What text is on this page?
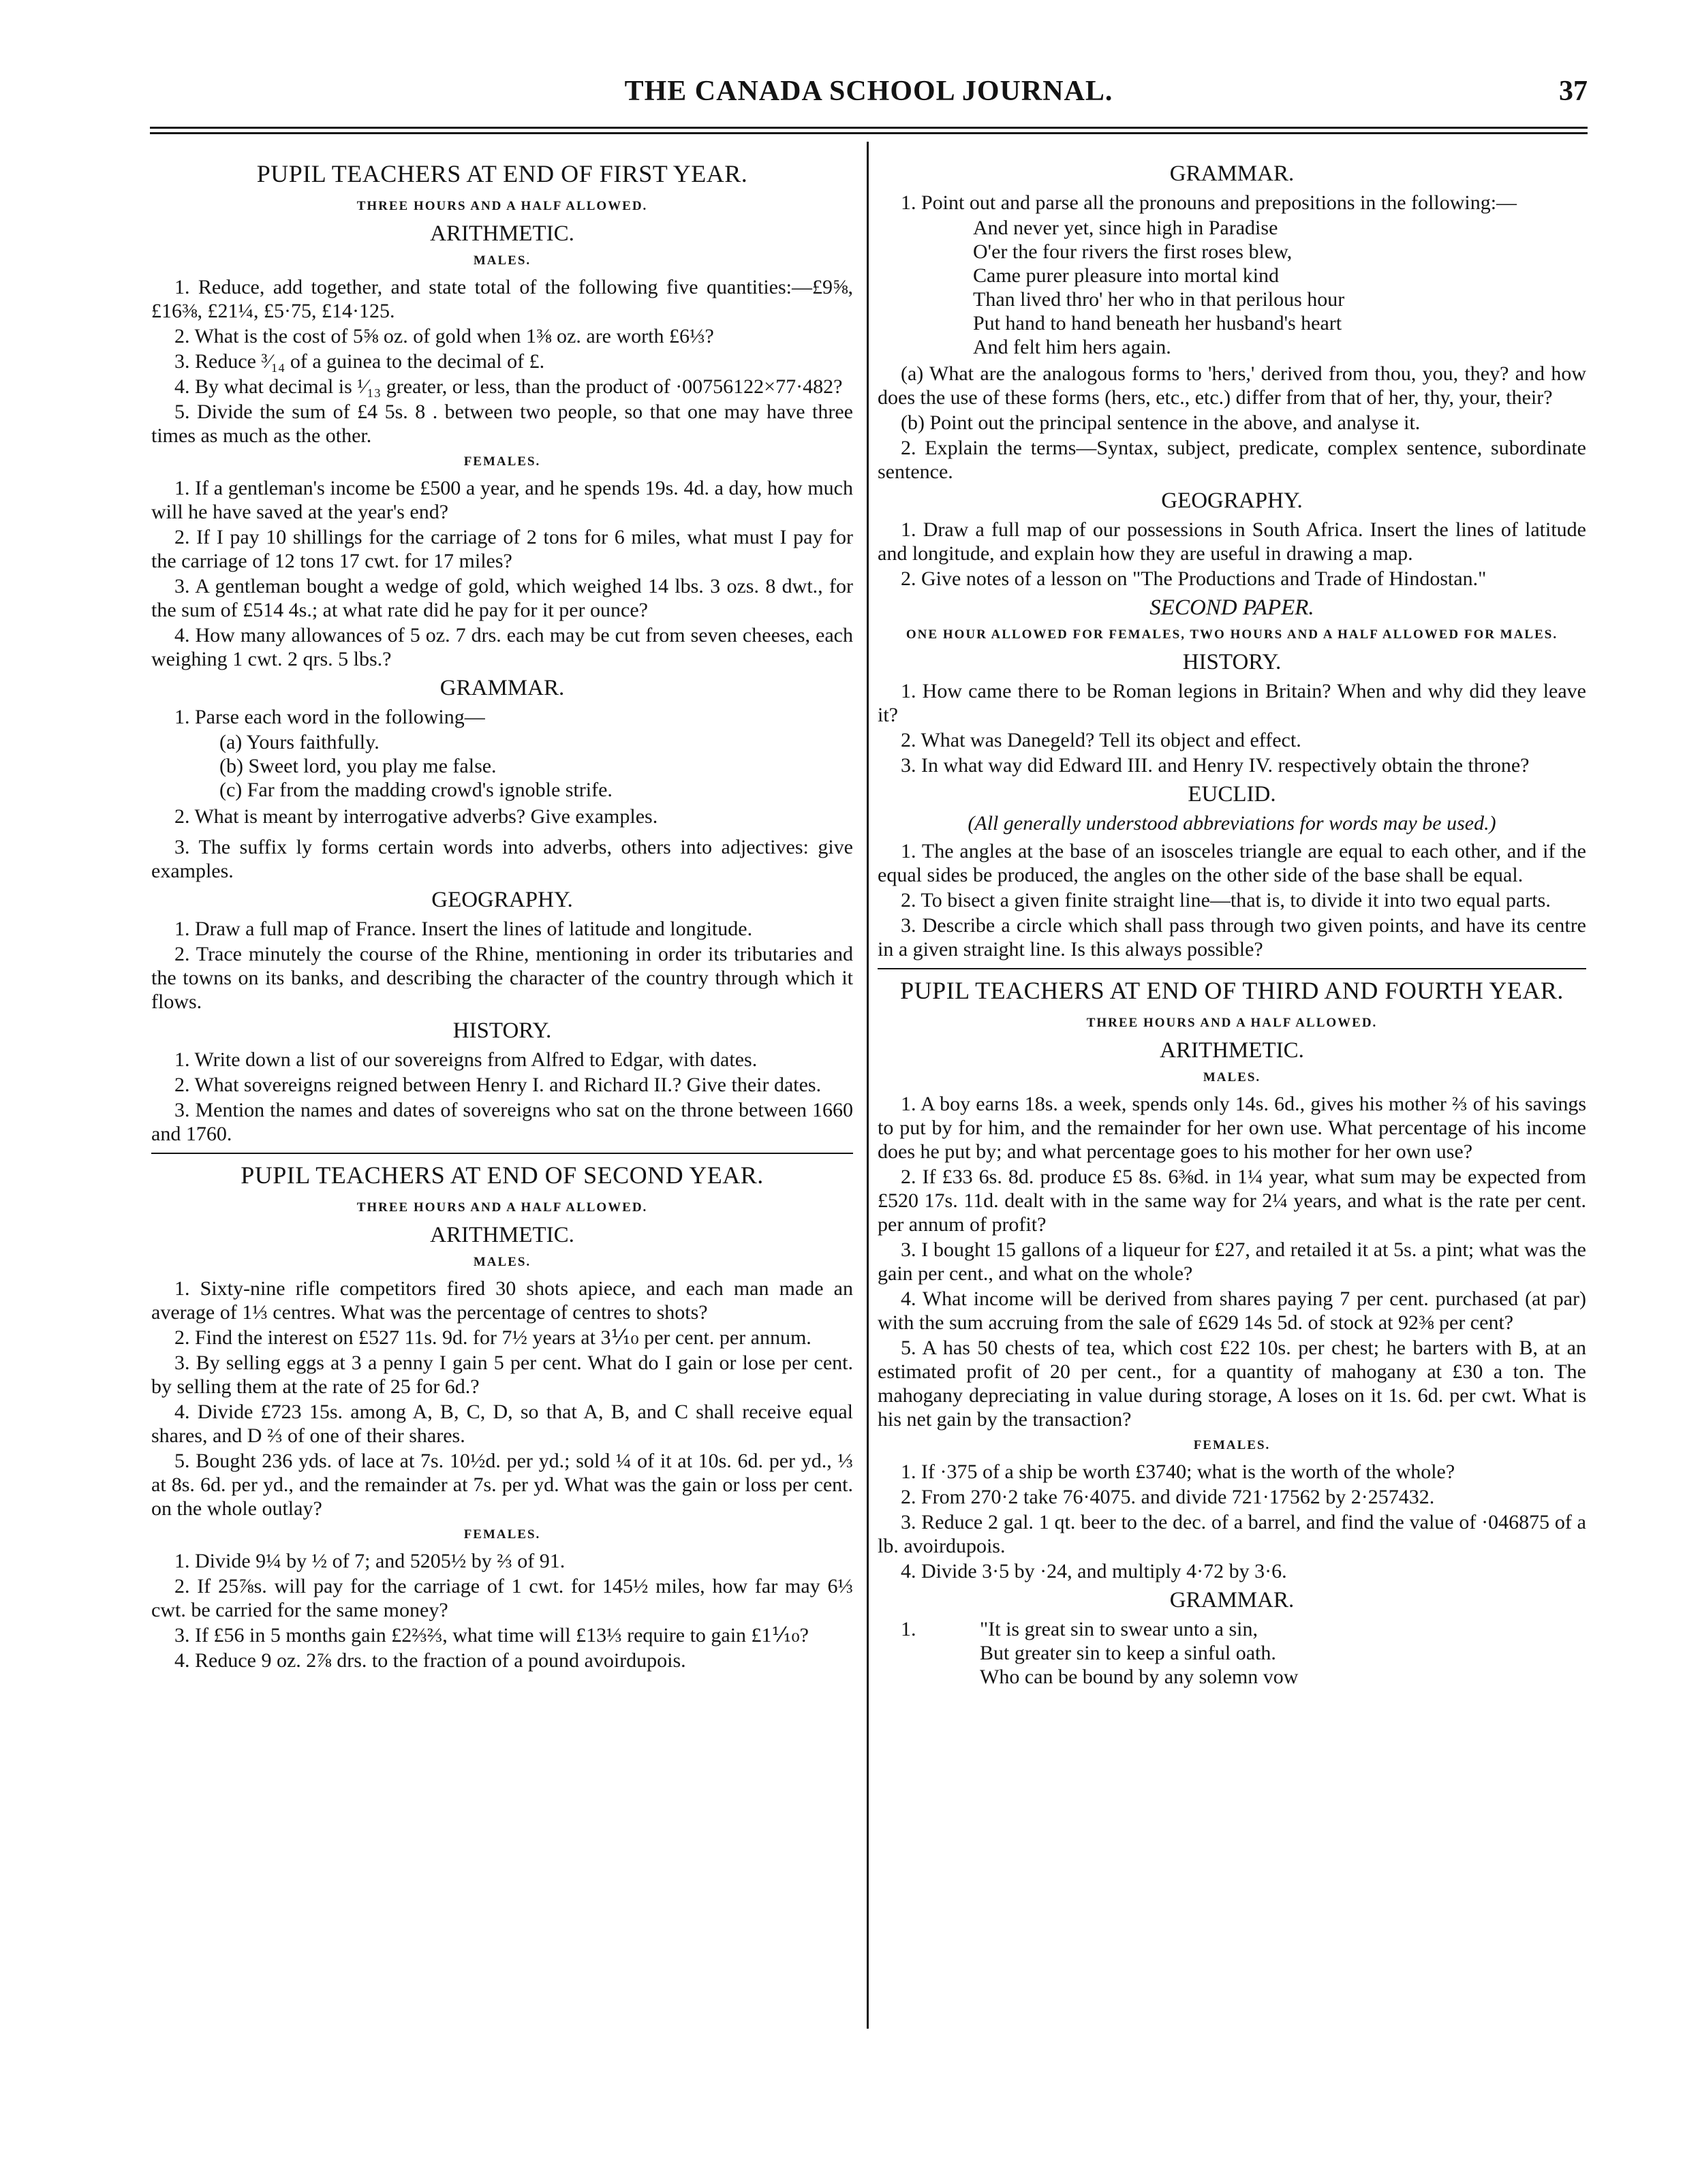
THE CANADA SCHOOL JOURNAL.	37
PUPIL TEACHERS AT END OF FIRST YEAR.
THREE HOURS AND A HALF ALLOWED.
ARITHMETIC.
MALES.

1. Reduce, add together, and state total of the following five quantities:—£9⅝, £16⅜, £21¼, £5·75, £14·125.

2. What is the cost of 5⅝ oz. of gold when 1⅜ oz. are worth £6⅓?

3. Reduce ³⁄₁₄ of a guinea to the decimal of £.

4. By what decimal is ¹⁄₁₃ greater, or less, than the product of ·00756122×77·482?

5. Divide the sum of £4 5s. 8 . between two people, so that one may have three times as much as the other.

FEMALES.

1. If a gentleman's income be £500 a year, and he spends 19s. 4d. a day, how much will he have saved at the year's end?

2. If I pay 10 shillings for the carriage of 2 tons for 6 miles, what must I pay for the carriage of 12 tons 17 cwt. for 17 miles?

3. A gentleman bought a wedge of gold, which weighed 14 lbs. 3 ozs. 8 dwt., for the sum of £514 4s.; at what rate did he pay for it per ounce?

4. How many allowances of 5 oz. 7 drs. each may be cut from seven cheeses, each weighing 1 cwt. 2 qrs. 5 lbs.?

GRAMMAR.

1. Parse each word in the following—

(a) Yours faithfully.
(b) Sweet lord, you play me false.
(c) Far from the madding crowd's ignoble strife.

2. What is meant by interrogative adverbs? Give examples.

3. The suffix ly forms certain words into adverbs, others into adjectives: give examples.

GEOGRAPHY.

1. Draw a full map of France. Insert the lines of latitude and longitude.

2. Trace minutely the course of the Rhine, mentioning in order its tributaries and the towns on its banks, and describing the character of the country through which it flows.

HISTORY.

1. Write down a list of our sovereigns from Alfred to Edgar, with dates.

2. What sovereigns reigned between Henry I. and Richard II.? Give their dates.

3. Mention the names and dates of sovereigns who sat on the throne between 1660 and 1760.

PUPIL TEACHERS AT END OF SECOND YEAR.
THREE HOURS AND A HALF ALLOWED.
ARITHMETIC.
MALES.

1. Sixty-nine rifle competitors fired 30 shots apiece, and each man made an average of 1⅓ centres. What was the percentage of centres to shots?

2. Find the interest on £527 11s. 9d. for 7½ years at 3⅒ per cent. per annum.

3. By selling eggs at 3 a penny I gain 5 per cent. What do I gain or lose per cent. by selling them at the rate of 25 for 6d.?

4. Divide £723 15s. among A, B, C, D, so that A, B, and C shall receive equal shares, and D ⅔ of one of their shares.

5. Bought 236 yds. of lace at 7s. 10½d. per yd.; sold ¼ of it at 10s. 6d. per yd., ⅓ at 8s. 6d. per yd., and the remainder at 7s. per yd. What was the gain or loss per cent. on the whole outlay?

FEMALES.

1. Divide 9¼ by ½ of 7; and 5205½ by ⅔ of 91.

2. If 25⅞s. will pay for the carriage of 1 cwt. for 145½ miles, how far may 6⅓ cwt. be carried for the same money?

3. If £56 in 5 months gain £2⅔⅔, what time will £13⅓ require to gain £1⅒?

4. Reduce 9 oz. 2⅞ drs. to the fraction of a pound avoirdupois.

GRAMMAR.

1. Point out and parse all the pronouns and prepositions in the following:—

And never yet, since high in Paradise
O'er the four rivers the first roses blew,
Came purer pleasure into mortal kind
Than lived thro' her who in that perilous hour
Put hand to hand beneath her husband's heart
And felt him hers again.

(a) What are the analogous forms to 'hers,' derived from thou, you, they? and how does the use of these forms (hers, etc., etc.) differ from that of her, thy, your, their?

(b) Point out the principal sentence in the above, and analyse it.

2. Explain the terms—Syntax, subject, predicate, complex sentence, subordinate sentence.

GEOGRAPHY.

1. Draw a full map of our possessions in South Africa. Insert the lines of latitude and longitude, and explain how they are useful in drawing a map.

2. Give notes of a lesson on "The Productions and Trade of Hindostan."

SECOND PAPER.
ONE HOUR ALLOWED FOR FEMALES, TWO HOURS AND A HALF ALLOWED FOR MALES.
HISTORY.

1. How came there to be Roman legions in Britain? When and why did they leave it?

2. What was Danegeld? Tell its object and effect.

3. In what way did Edward III. and Henry IV. respectively obtain the throne?

EUCLID.
(All generally understood abbreviations for words may be used.)

1. The angles at the base of an isosceles triangle are equal to each other, and if the equal sides be produced, the angles on the other side of the base shall be equal.

2. To bisect a given finite straight line—that is, to divide it into two equal parts.

3. Describe a circle which shall pass through two given points, and have its centre in a given straight line. Is this always possible?

PUPIL TEACHERS AT END OF THIRD AND FOURTH YEAR.
THREE HOURS AND A HALF ALLOWED.
ARITHMETIC.
MALES.

1. A boy earns 18s. a week, spends only 14s. 6d., gives his mother ⅔ of his savings to put by for him, and the remainder for her own use. What percentage of his income does he put by; and what percentage goes to his mother for her own use?

2. If £33 6s. 8d. produce £5 8s. 6⅜d. in 1¼ year, what sum may be expected from £520 17s. 11d. dealt with in the same way for 2¼ years, and what is the rate per cent. per annum of profit?

3. I bought 15 gallons of a liqueur for £27, and retailed it at 5s. a pint; what was the gain per cent., and what on the whole?

4. What income will be derived from shares paying 7 per cent. purchased (at par) with the sum accruing from the sale of £629 14s 5d. of stock at 92⅜ per cent?

5. A has 50 chests of tea, which cost £22 10s. per chest; he barters with B, at an estimated profit of 20 per cent., for a quantity of mahogany at £30 a ton. The mahogany depreciating in value during storage, A loses on it 1s. 6d. per cwt. What is his net gain by the transaction?

FEMALES.

1. If ·375 of a ship be worth £3740; what is the worth of the whole?

2. From 270·2 take 76·4075. and divide 721·17562 by 2·257432.

3. Reduce 2 gal. 1 qt. beer to the dec. of a barrel, and find the value of ·046875 of a lb. avoirdupois.

4. Divide 3·5 by ·24, and multiply 4·72 by 3·6.

GRAMMAR.
1.	"It is great sin to swear unto a sin,
But greater sin to keep a sinful oath.
Who can be bound by any solemn vow
